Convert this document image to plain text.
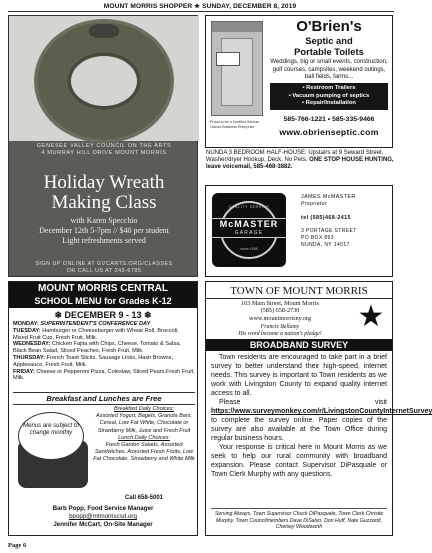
MOUNT MORRIS SHOPPER ★ SUNDAY, DECEMBER 8, 2019
GENESEE VALLEY COUNCIL ON THE ARTS
4 MURRAY HILL DRIVE MOUNT MORRIS
Holiday Wreath
Making Class
with Karen Specchio
December 12th 5-7pm // $40 per student
Light refreshments served
SIGN UP ONLINE AT GVCARTS.ORG/CLASSES
OR CALL US AT 243-6785
Proud to be a Certified Woman Owned Business Enterprise
O'Brien's
Septic and
Portable Toilets
Weddings, big or small events, construction, golf courses, campsites, weekend outings, ball fields, farms...
• Restroom Trailers
• Vacuum pumping of septics
• Repair/Installation
585-766-1221 • 585-335-9466
www.obrienseptic.com
NUNDA 3 BEDROOM HALF-HOUSE: Upstairs at 9 Seward Street, Washer/dryer Hookup, Deck, No Pets. ONE STOP HOUSE HUNTING, leave voicemail, 585-468-3882.
QUALITY SERVICE
McMASTER
GARAGE
since 1958
JAMES McMASTER
Proprietor
tel (585)468-2415
3 PORTAGE STREET
PO BOX 893
NUNDA, NY 14517
MOUNT MORRIS CENTRAL
SCHOOL MENU for Grades K-12
❄ DECEMBER 9 - 13 ❄
MONDAY: SUPERINTENDENT'S CONFERENCE DAY
TUESDAY: Hamburger or Cheeseburger with Wheat Roll, Broccoli, Mixed Fruit Cup, Fresh Fruit, Milk.
WEDNESDAY: Chicken Fajita with Chips, Cheese, Tomato & Salsa, Black Bean Salad, Sliced Peaches, Fresh Fruit, Milk.
THURSDAY: French Toast Sticks, Sausage Links, Hash Browns, Applesauce, Fresh Fruit, Milk.
FRIDAY: Cheese or Pepperoni Pizza, Coleslaw, Sliced Pears,Fresh Fruit, Milk.
Breakfast and Lunches are Free
Menus are subject to change monthly
Breakfast Daily Choices:
Assorted Yogurt, Bagels, Granola Bars, Cereal, Low Fat White, Chocolate or Strawberry Milk, Juice and Fresh Fruit
Lunch Daily Choices:
Fresh Garden Salads, Assorted Sandwiches, Assorted Fresh Fruits, Low Fat Chocolate, Strawberry and White Milk
Call 658-5001
Barb Popp, Food Service Manager
bpopp@mtmorriscsd.org
Jennifer McCart, On-Site Manager
TOWN OF MOUNT MORRIS
103 Main Street, Mount Morris
(585) 658-2730
www.mountmorrisny.org
Francis Bellamy
His word became a nation's pledge!
★
BROADBAND SURVEY

Town residents are encouraged to take part in a brief survey to better understand their high-speed, internet needs. This survey is important to Town residents as we work with Livingston County to expand quality internet access to all.

Please visit https://www.surveymonkey.com/r/LivingstonCountyInternetSurvey to complete the survey online. Paper copies of the survey are also available at the Town Office during regular business hours.

Your response is critical here in Mount Morris as we seek to help our rural community with broadband expansion. Please contact Supervisor DiPasquale or Town Clerk Murphy with any questions.

Serving Always, Town Supervisor Chuck DiPasquale, Town Clerk Christie Murphy, Town Councilmembers Dave DiSalvo, Don Huff, Nate Guzzardi, Chelsey Woodworth
Page 6
